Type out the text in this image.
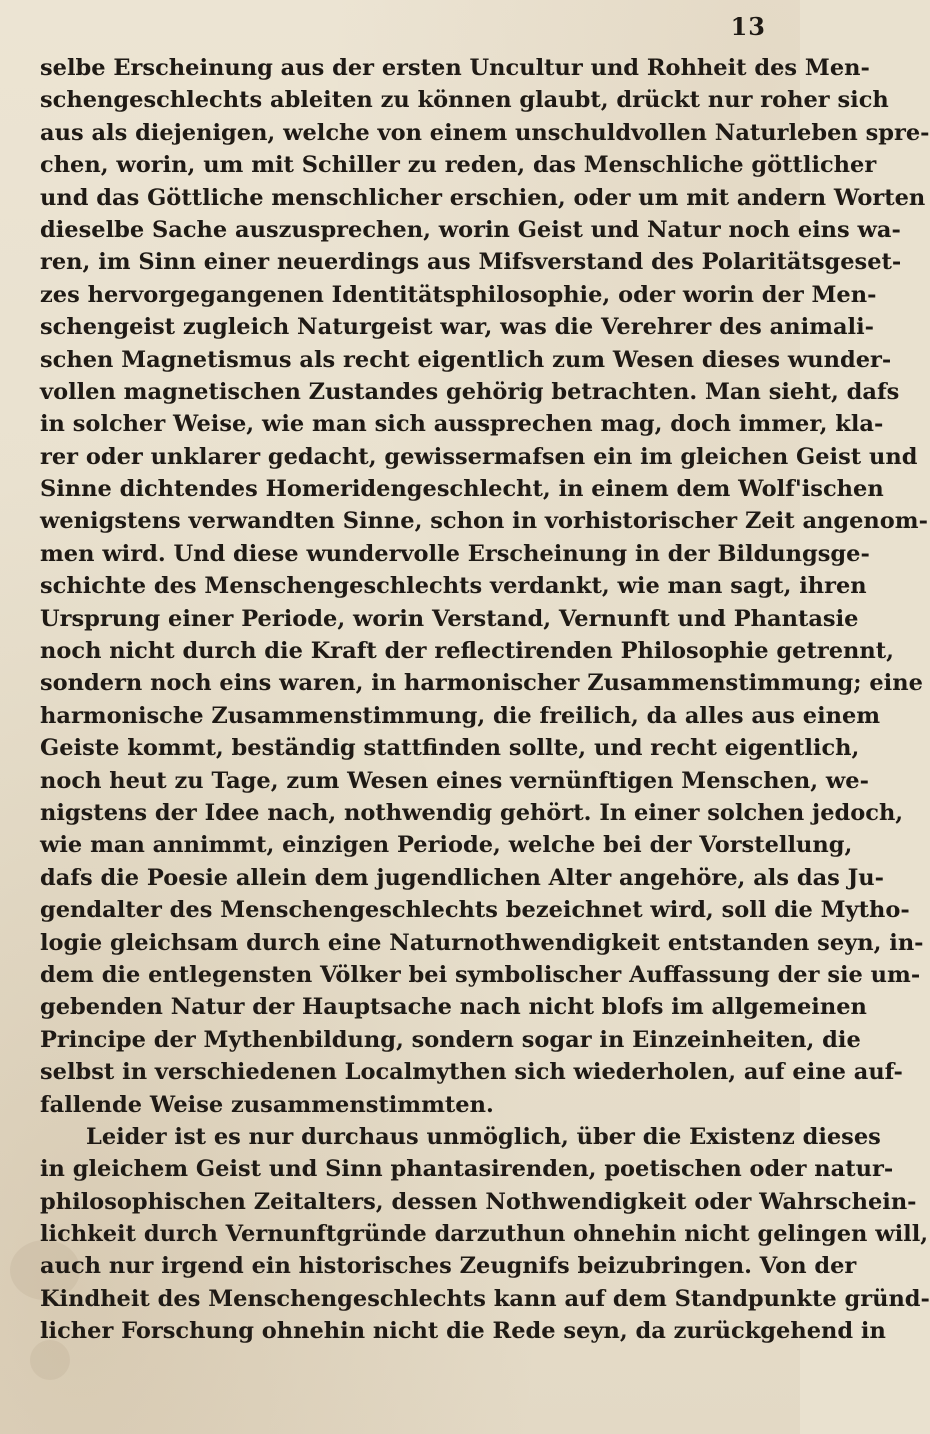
13
selbe Erscheinung aus der ersten Uncultur und Rohheit des Men-
schengeschlechts ableiten zu können glaubt, drückt nur roher sich
aus als diejenigen, welche von einem unschuldvollen Naturleben spre-
chen, worin, um mit Schiller zu reden, das Menschliche göttlicher
und das Göttliche menschlicher erschien, oder um mit andern Worten
dieselbe Sache auszusprechen, worin Geist und Natur noch eins wa-
ren, im Sinn einer neuerdings aus Mifsverstand des Polaritätsgeset-
zes hervorgegangenen Identitätsphilosophie, oder worin der Men-
schengeist zugleich Naturgeist war, was die Verehrer des animali-
schen Magnetismus als recht eigentlich zum Wesen dieses wunder-
vollen magnetischen Zustandes gehörig betrachten. Man sieht, dafs
in solcher Weise, wie man sich aussprechen mag, doch immer, kla-
rer oder unklarer gedacht, gewissermafsen ein im gleichen Geist und
Sinne dichtendes Homeridengeschlecht, in einem dem Wolf'ischen
wenigstens verwandten Sinne, schon in vorhistorischer Zeit angenom-
men wird. Und diese wundervolle Erscheinung in der Bildungsge-
schichte des Menschengeschlechts verdankt, wie man sagt, ihren
Ursprung einer Periode, worin Verstand, Vernunft und Phantasie
noch nicht durch die Kraft der reflectirenden Philosophie getrennt,
sondern noch eins waren, in harmonischer Zusammenstimmung; eine
harmonische Zusammenstimmung, die freilich, da alles aus einem
Geiste kommt, beständig stattfinden sollte, und recht eigentlich,
noch heut zu Tage, zum Wesen eines vernünftigen Menschen, we-
nigstens der Idee nach, nothwendig gehört. In einer solchen jedoch,
wie man annimmt, einzigen Periode, welche bei der Vorstellung,
dafs die Poesie allein dem jugendlichen Alter angehöre, als das Ju-
gendalter des Menschengeschlechts bezeichnet wird, soll die Mytho-
logie gleichsam durch eine Naturnothwendigkeit entstanden seyn, in-
dem die entlegensten Völker bei symbolischer Auffassung der sie um-
gebenden Natur der Hauptsache nach nicht blofs im allgemeinen
Principe der Mythenbildung, sondern sogar in Einzeinheiten, die
selbst in verschiedenen Localmythen sich wiederholen, auf eine auf-
fallende Weise zusammenstimmten.
Leider ist es nur durchaus unmöglich, über die Existenz dieses
in gleichem Geist und Sinn phantasirenden, poetischen oder natur-
philosophischen Zeitalters, dessen Nothwendigkeit oder Wahrschein-
lichkeit durch Vernunftgründe darzuthun ohnehin nicht gelingen will,
auch nur irgend ein historisches Zeugnifs beizubringen. Von der
Kindheit des Menschengeschlechts kann auf dem Standpunkte gründ-
licher Forschung ohnehin nicht die Rede seyn, da zurückgehend in
